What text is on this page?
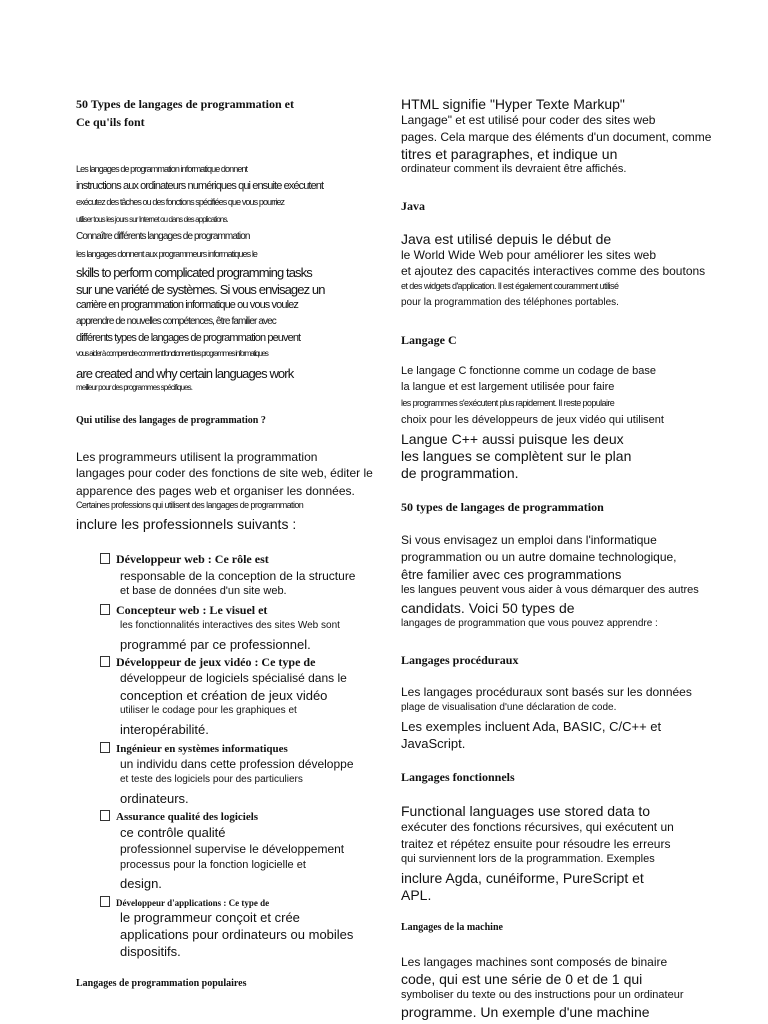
50 Types de langages de programmation et
Ce qu'ils font
Les langages de programmation informatique donnent
instructions aux ordinateurs numériques qui ensuite exécutent
exécutez des tâches ou des fonctions spécifiées que vous pourriez
utiliser tous les jours sur Internet ou dans des applications.
Connaître différents langages de programmation
les langages donnent aux programmeurs informatiques le
skills to perform complicated programming tasks
sur une variété de systèmes. Si vous envisagez un
carrière en programmation informatique ou vous voulez
apprendre de nouvelles compétences, être familier avec
différents types de langages de programmation peuvent
vous aider à comprendre comment fonctionnent les programmes informatiques
are created and why certain languages work
meilleur pour des programmes spécifiques.
Qui utilise des langages de programmation ?
Les programmeurs utilisent la programmation
langages pour coder des fonctions de site web, éditer le
apparence des pages web et organiser les données.
Certaines professions qui utilisent des langages de programmation
inclure les professionnels suivants :
Développeur web : Ce rôle est
responsable de la conception de la structure
et base de données d'un site web.
Concepteur web : Le visuel et
les fonctionnalités interactives des sites Web sont
programmé par ce professionnel.
Développeur de jeux vidéo : Ce type de
développeur de logiciels spécialisé dans le
conception et création de jeux vidéo
utiliser le codage pour les graphiques et
interopérabilité.
Ingénieur en systèmes informatiques
un individu dans cette profession développe
et teste des logiciels pour des particuliers
ordinateurs.
Assurance qualité des logiciels
ce contrôle qualité
professionnel supervise le développement
processus pour la fonction logicielle et
design.
Développeur d'applications : Ce type de
le programmeur conçoit et crée
applications pour ordinateurs ou mobiles
dispositifs.
Langages de programmation populaires
HTML signifie "Hyper Texte Markup"
Langage" et est utilisé pour coder des sites web
pages. Cela marque des éléments d'un document, comme
titres et paragraphes, et indique un
ordinateur comment ils devraient être affichés.
Java
Java est utilisé depuis le début de
le World Wide Web pour améliorer les sites web
et ajoutez des capacités interactives comme des boutons
et des widgets d'application. Il est également couramment utilisé
pour la programmation des téléphones portables.
Langage C
Le langage C fonctionne comme un codage de base
la langue et est largement utilisée pour faire
les programmes s'exécutent plus rapidement. Il reste populaire
choix pour les développeurs de jeux vidéo qui utilisent
Langue C++ aussi puisque les deux
les langues se complètent sur le plan
de programmation.
50 types de langages de programmation
Si vous envisagez un emploi dans l'informatique
programmation ou un autre domaine technologique,
être familier avec ces programmations
les langues peuvent vous aider à vous démarquer des autres
candidats. Voici 50 types de
langages de programmation que vous pouvez apprendre :
Langages procéduraux
Les langages procéduraux sont basés sur les données
plage de visualisation d'une déclaration de code.
Les exemples incluent Ada, BASIC, C/C++ et
JavaScript.
Langages fonctionnels
Functional languages use stored data to
exécuter des fonctions récursives, qui exécutent un
traitez et répétez ensuite pour résoudre les erreurs
qui surviennent lors de la programmation. Exemples
inclure Agda, cunéiforme, PureScript et
APL.
Langages de la machine
Les langages machines sont composés de binaire
code, qui est une série de 0 et de 1 qui
symboliser du texte ou des instructions pour un ordinateur
programme. Un exemple d'une machine
